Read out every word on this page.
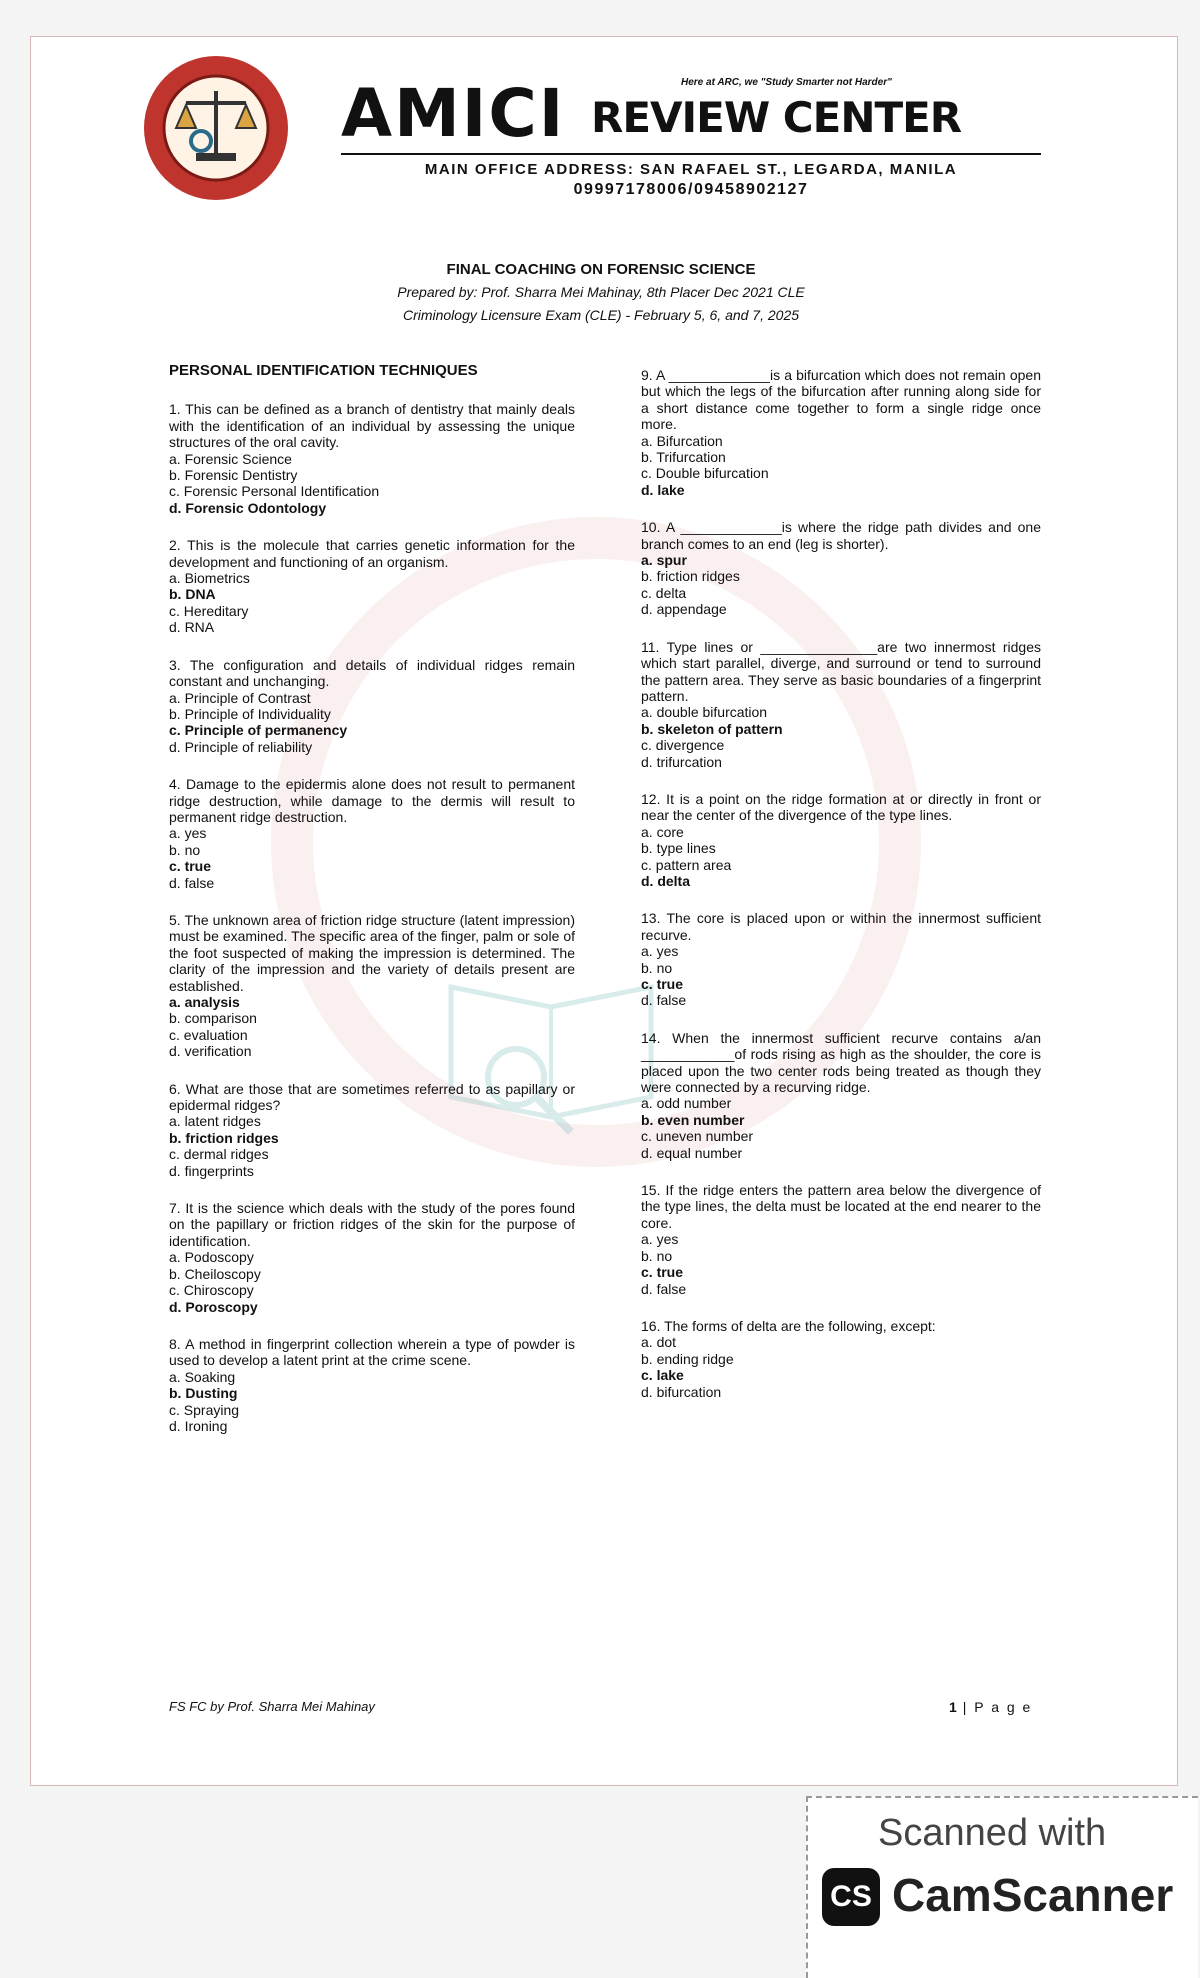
AMICI	Here at ARC, we "Study Smarter not Harder"
REVIEW CENTER
MAIN OFFICE ADDRESS: SAN RAFAEL ST., LEGARDA, MANILA
09997178006/09458902127
FINAL COACHING ON FORENSIC SCIENCE
Prepared by: Prof. Sharra Mei Mahinay, 8th Placer Dec 2021 CLE
Criminology Licensure Exam (CLE) - February 5, 6, and 7, 2025
PERSONAL IDENTIFICATION TECHNIQUES
1. This can be defined as a branch of dentistry that mainly deals with the identification of an individual by assessing the unique structures of the oral cavity.
a. Forensic Science
b. Forensic Dentistry
c. Forensic Personal Identification
d. Forensic Odontology
2. This is the molecule that carries genetic information for the development and functioning of an organism.
a. Biometrics
b. DNA
c. Hereditary
d. RNA
3. The configuration and details of individual ridges remain constant and unchanging.
a. Principle of Contrast
b. Principle of Individuality
c. Principle of permanency
d. Principle of reliability
4. Damage to the epidermis alone does not result to permanent ridge destruction, while damage to the dermis will result to permanent ridge destruction.
a. yes
b. no
c. true
d. false
5. The unknown area of friction ridge structure (latent impression) must be examined. The specific area of the finger, palm or sole of the foot suspected of making the impression is determined. The clarity of the impression and the variety of details present are established.
a. analysis
b. comparison
c. evaluation
d. verification
6. What are those that are sometimes referred to as papillary or epidermal ridges?
a. latent ridges
b. friction ridges
c. dermal ridges
d. fingerprints
7. It is the science which deals with the study of the pores found on the papillary or friction ridges of the skin for the purpose of identification.
a. Podoscopy
b. Cheiloscopy
c. Chiroscopy
d. Poroscopy
8. A method in fingerprint collection wherein a type of powder is used to develop a latent print at the crime scene.
a. Soaking
b. Dusting
c. Spraying
d. Ironing
9. A _____________is a bifurcation which does not remain open but which the legs of the bifurcation after running along side for a short distance come together to form a single ridge once more.
a. Bifurcation
b. Trifurcation
c. Double bifurcation
d. lake
10. A _____________is where the ridge path divides and one branch comes to an end (leg is shorter).
a. spur
b. friction ridges
c. delta
d. appendage
11. Type lines or _______________are two innermost ridges which start parallel, diverge, and surround or tend to surround the pattern area. They serve as basic boundaries of a fingerprint pattern.
a. double bifurcation
b. skeleton of pattern
c. divergence
d. trifurcation
12. It is a point on the ridge formation at or directly in front or near the center of the divergence of the type lines.
a. core
b. type lines
c. pattern area
d. delta
13. The core is placed upon or within the innermost sufficient recurve.
a. yes
b. no
c. true
d. false
14. When the innermost sufficient recurve contains a/an ____________of rods rising as high as the shoulder, the core is placed upon the two center rods being treated as though they were connected by a recurving ridge.
a. odd number
b. even number
c. uneven number
d. equal number
15. If the ridge enters the pattern area below the divergence of the type lines, the delta must be located at the end nearer to the core.
a. yes
b. no
c. true
d. false
16. The forms of delta are the following, except:
a. dot
b. ending ridge
c. lake
d. bifurcation
FS FC by Prof. Sharra Mei Mahinay	1 | P a g e
Scanned with
CS CamScanner
